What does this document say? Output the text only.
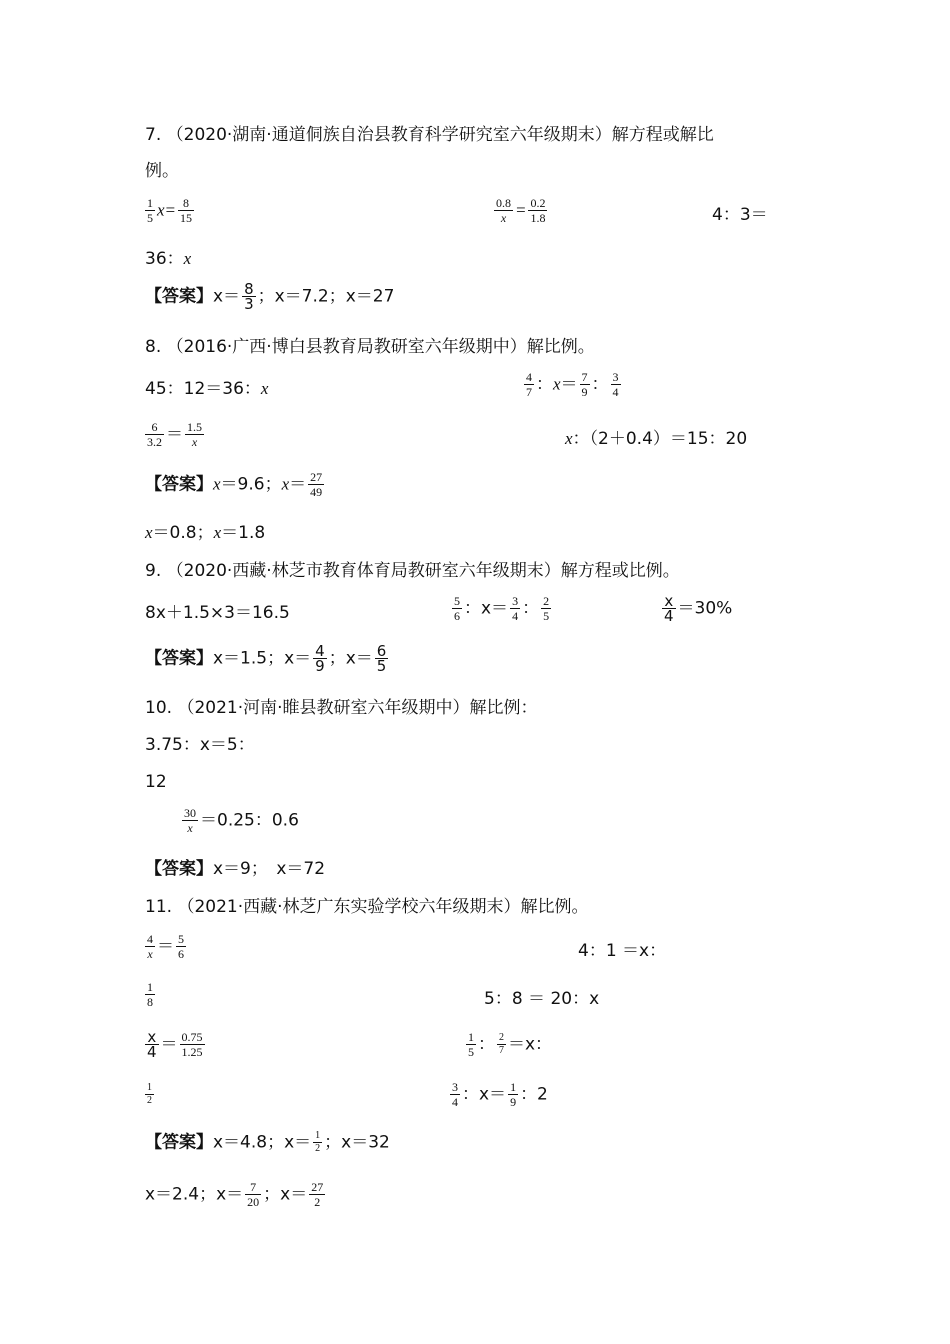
7. （2020·湖南·通道侗族自治县教育科学研究室六年级期末）解方程或解比
例。
$\frac{1}{5} x= \frac{8}{15}$	$\frac{0.8}{x} = \frac{0.2}{1.8}$	4：3＝
36：x
【答案】$x= \frac{8}{3}$ ；x＝7.2；x＝27
8. （2016·广西·博白县教育局教研室六年级期中）解比例。
45：12＝36：x	$\frac{4}{7}$ ：$x= \frac{7}{9}$ ： $\frac{3}{4}$
$\frac{6}{3.2} = \frac{1.5}{x}$	x：（2＋0.4）＝15：20
【答案】x＝9.6；$x= \frac{27}{49}$
x＝0.8；x＝1.8
9. （2020·西藏·林芝市教育体育局教研室六年级期末）解方程或比例。
8x＋1.5×3＝16.5	$\frac{5}{6}$ ：$x= \frac{3}{4}$ ： $\frac{2}{5}$	$\frac{x}{4} =30\%$
【答案】x＝1.5；$x= \frac{4}{9}$ ；$x= \frac{6}{5}$
10. （2021·河南·睢县教研室六年级期中）解比例：
3.75：x＝5：
12
$\frac{30}{x} =0.25$：0.6
【答案】x＝9；　x＝72
11. （2021·西藏·林芝广东实验学校六年级期末）解比例。
$\frac{4}{x} = \frac{5}{6}$	4：1 ＝x：
$\frac{1}{8}$	5：8 ＝ 20：x
$\frac{x}{4} = \frac{0.75}{1.25}$	$\frac{1}{5}$ ： $\frac{2}{7} =x$：
$\frac{1}{2}$	$\frac{3}{4}$ ：$x= \frac{1}{9}$ ：2
【答案】x＝4.8；$x= \frac{1}{2}$ ；x＝32
x＝2.4；$x= \frac{7}{20}$ ；$x= \frac{27}{2}$
